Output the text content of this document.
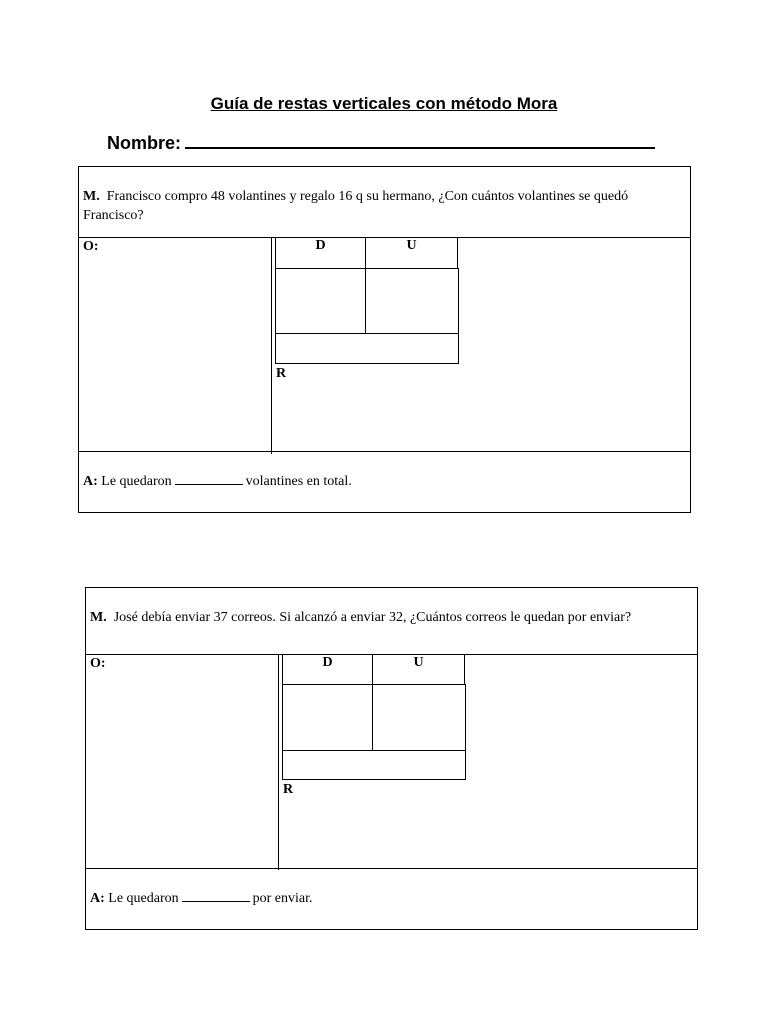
Guía de restas verticales con método Mora
Nombre:
M. Francisco compro 48 volantines y regalo 16 q su hermano, ¿Con cuántos volantines se quedó Francisco?
O:	D	U
R
A: Le quedaron	volantines en total.
M. José debía enviar 37 correos. Si alcanzó a enviar 32, ¿Cuántos correos le quedan por enviar?
O:	D	U
R
A: Le quedaron	por enviar.
